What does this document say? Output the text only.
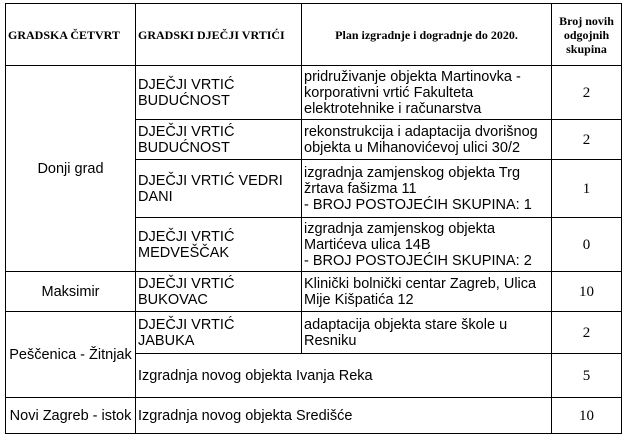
GRADSKA ČETVRT	GRADSKI DJEČJI VRTIĆI	Plan izgradnje i dogradnje do 2020.	Broj novih
odgojnih
skupina

Donji grad	DJEČJI VRTIĆ
BUDUĆNOST	pridruživanje objekta Martinovka -
korporativni vrtić Fakulteta
elektrotehnike i računarstva	2

	DJEČJI VRTIĆ
BUDUĆNOST	rekonstrukcija i adaptacija dvorišnog
objekta u Mihanovićevoj ulici 30/2	2

	DJEČJI VRTIĆ VEDRI
DANI	izgradnja zamjenskog objekta Trg
žrtava fašizma 11
- BROJ POSTOJEĆIH SKUPINA: 1	1

	DJEČJI VRTIĆ
MEDVEŠČAK	izgradnja zamjenskog objekta
Martićeva ulica 14B
- BROJ POSTOJEĆIH SKUPINA: 2	0
Maksimir	DJEČJI VRTIĆ
BUKOVAC	Klinički bolnički centar Zagreb, Ulica
Mije Kišpatića 12	10
Peščenica - Žitnjak	DJEČJI VRTIĆ
JABUKA	adaptacija objekta stare škole u
Resniku	2
	Izgradnja novog objekta Ivanja Reka		5
Novi Zagreb - istok	Izgradnja novog objekta Središće		10
